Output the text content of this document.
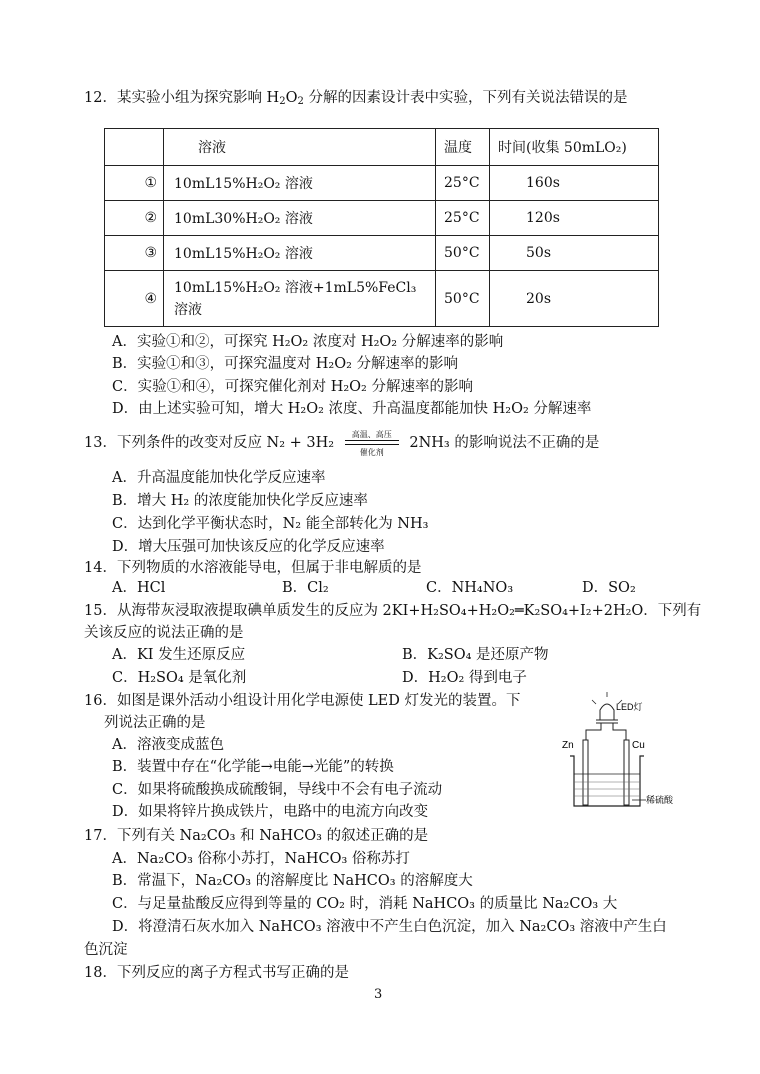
12．某实验小组为探究影响 $H_2O_2$ 分解的因素设计表中实验，下列有关说法错误的是
	溶液	温度	时间(收集 50mLO₂)
①	10mL15%H₂O₂ 溶液	25°C	160s
②	10mL30%H₂O₂ 溶液	25°C	120s
③	10mL15%H₂O₂ 溶液	50°C	50s
④	10mL15%H₂O₂ 溶液+1mL5%FeCl₃ 溶液	50°C	20s
A．实验①和②，可探究 H₂O₂ 浓度对 H₂O₂ 分解速率的影响
B．实验①和③，可探究温度对 H₂O₂ 分解速率的影响
C．实验①和④，可探究催化剂对 H₂O₂ 分解速率的影响
D．由上述实验可知，增大 H₂O₂ 浓度、升高温度都能加快 H₂O₂ 分解速率
13．下列条件的改变对反应 N₂ + 3H₂
高温、高压
催化剂
2NH₃ 的影响说法不正确的是
A．升高温度能加快化学反应速率
B．增大 H₂ 的浓度能加快化学反应速率
C．达到化学平衡状态时，N₂ 能全部转化为 NH₃
D．增大压强可加快该反应的化学反应速率
14．下列物质的水溶液能导电，但属于非电解质的是
A．HCl	B．Cl₂	C．NH₄NO₃	D．SO₂
15．从海带灰浸取液提取碘单质发生的反应为 2KI+H₂SO₄+H₂O₂═K₂SO₄+I₂+2H₂O．下列有
关该反应的说法正确的是
A．KI 发生还原反应	B．K₂SO₄ 是还原产物
C．H₂SO₄ 是氧化剂	D．H₂O₂ 得到电子
16．如图是课外活动小组设计用化学电源使 LED 灯发光的装置。下
列说法正确的是
A．溶液变成蓝色
B．装置中存在“化学能→电能→光能”的转换
C．如果将硫酸换成硫酸铜，导线中不会有电子流动
D．如果将锌片换成铁片，电路中的电流方向改变
LED灯
Zn	Cu
稀硫酸
17．下列有关 Na₂CO₃ 和 NaHCO₃ 的叙述正确的是
A．Na₂CO₃ 俗称小苏打，NaHCO₃ 俗称苏打
B．常温下，Na₂CO₃ 的溶解度比 NaHCO₃ 的溶解度大
C．与足量盐酸反应得到等量的 CO₂ 时，消耗 NaHCO₃ 的质量比 Na₂CO₃ 大
D．将澄清石灰水加入 NaHCO₃ 溶液中不产生白色沉淀，加入 Na₂CO₃ 溶液中产生白
色沉淀
18．下列反应的离子方程式书写正确的是
3
